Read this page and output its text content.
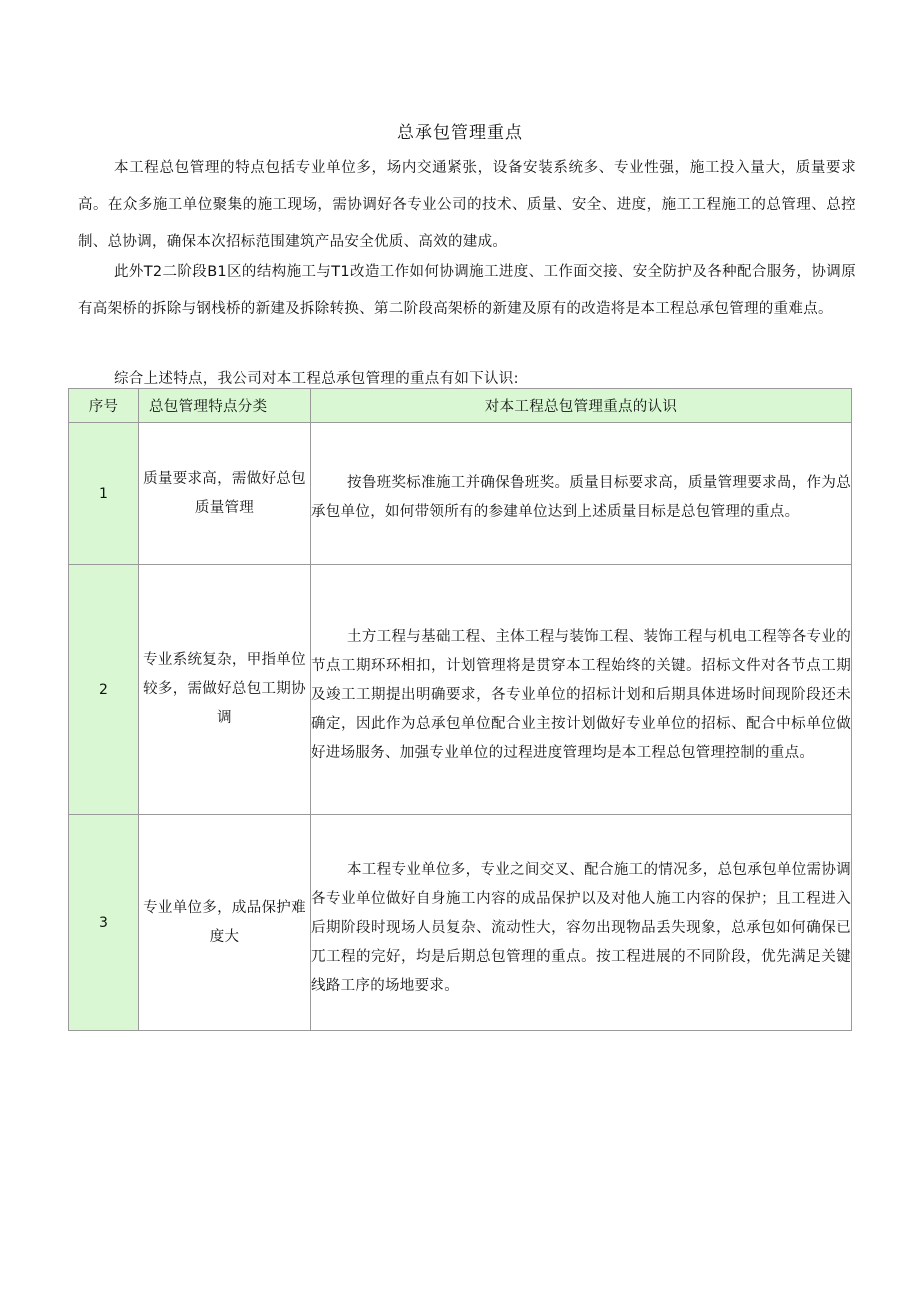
总承包管理重点
本工程总包管理的特点包括专业单位多，场内交通紧张，设备安装系统多、专业性强，施工投入量大，质量要求高。在众多施工单位聚集的施工现场，需协调好各专业公司的技术、质量、安全、进度，施工工程施工的总管理、总控制、总协调，确保本次招标范围建筑产品安全优质、高效的建成。
此外T2二阶段B1区的结构施工与T1改造工作如何协调施工进度、工作面交接、安全防护及各种配合服务，协调原有高架桥的拆除与钢栈桥的新建及拆除转换、第二阶段高架桥的新建及原有的改造将是本工程总承包管理的重难点。
综合上述特点，我公司对本工程总承包管理的重点有如下认识:
序号	总包管理特点分类	对本工程总包管理重点的认识
1	质量要求高，需做好总包质量管理	按鲁班奖标准施工并确保鲁班奖。质量目标要求高，质量管理要求咼，作为总承包单位，如何带领所有的参建单位达到上述质量目标是总包管理的重点。
2	专业系统复杂，甲指单位较多，需做好总包工期协调	土方工程与基础工程、主体工程与装饰工程、装饰工程与机电工程等各专业的节点工期环环相扣，计划管理将是贯穿本工程始终的关键。招标文件对各节点工期及竣工工期提出明确要求，各专业单位的招标计划和后期具体进场时间现阶段还未确定，因此作为总承包单位配合业主按计划做好专业单位的招标、配合中标单位做好进场服务、加强专业单位的过程进度管理均是本工程总包管理控制的重点。
3	专业单位多，成品保护难度大	本工程专业单位多，专业之间交叉、配合施工的情况多，总包承包单位需协调各专业单位做好自身施工内容的成品保护以及对他人施工内容的保护；且工程进入后期阶段时现场人员复杂、流动性大，容勿出现物品丢失现象，总承包如何确保已兀工程的完好，均是后期总包管理的重点。按工程进展的不同阶段，优先满足关键线路工序的场地要求。
